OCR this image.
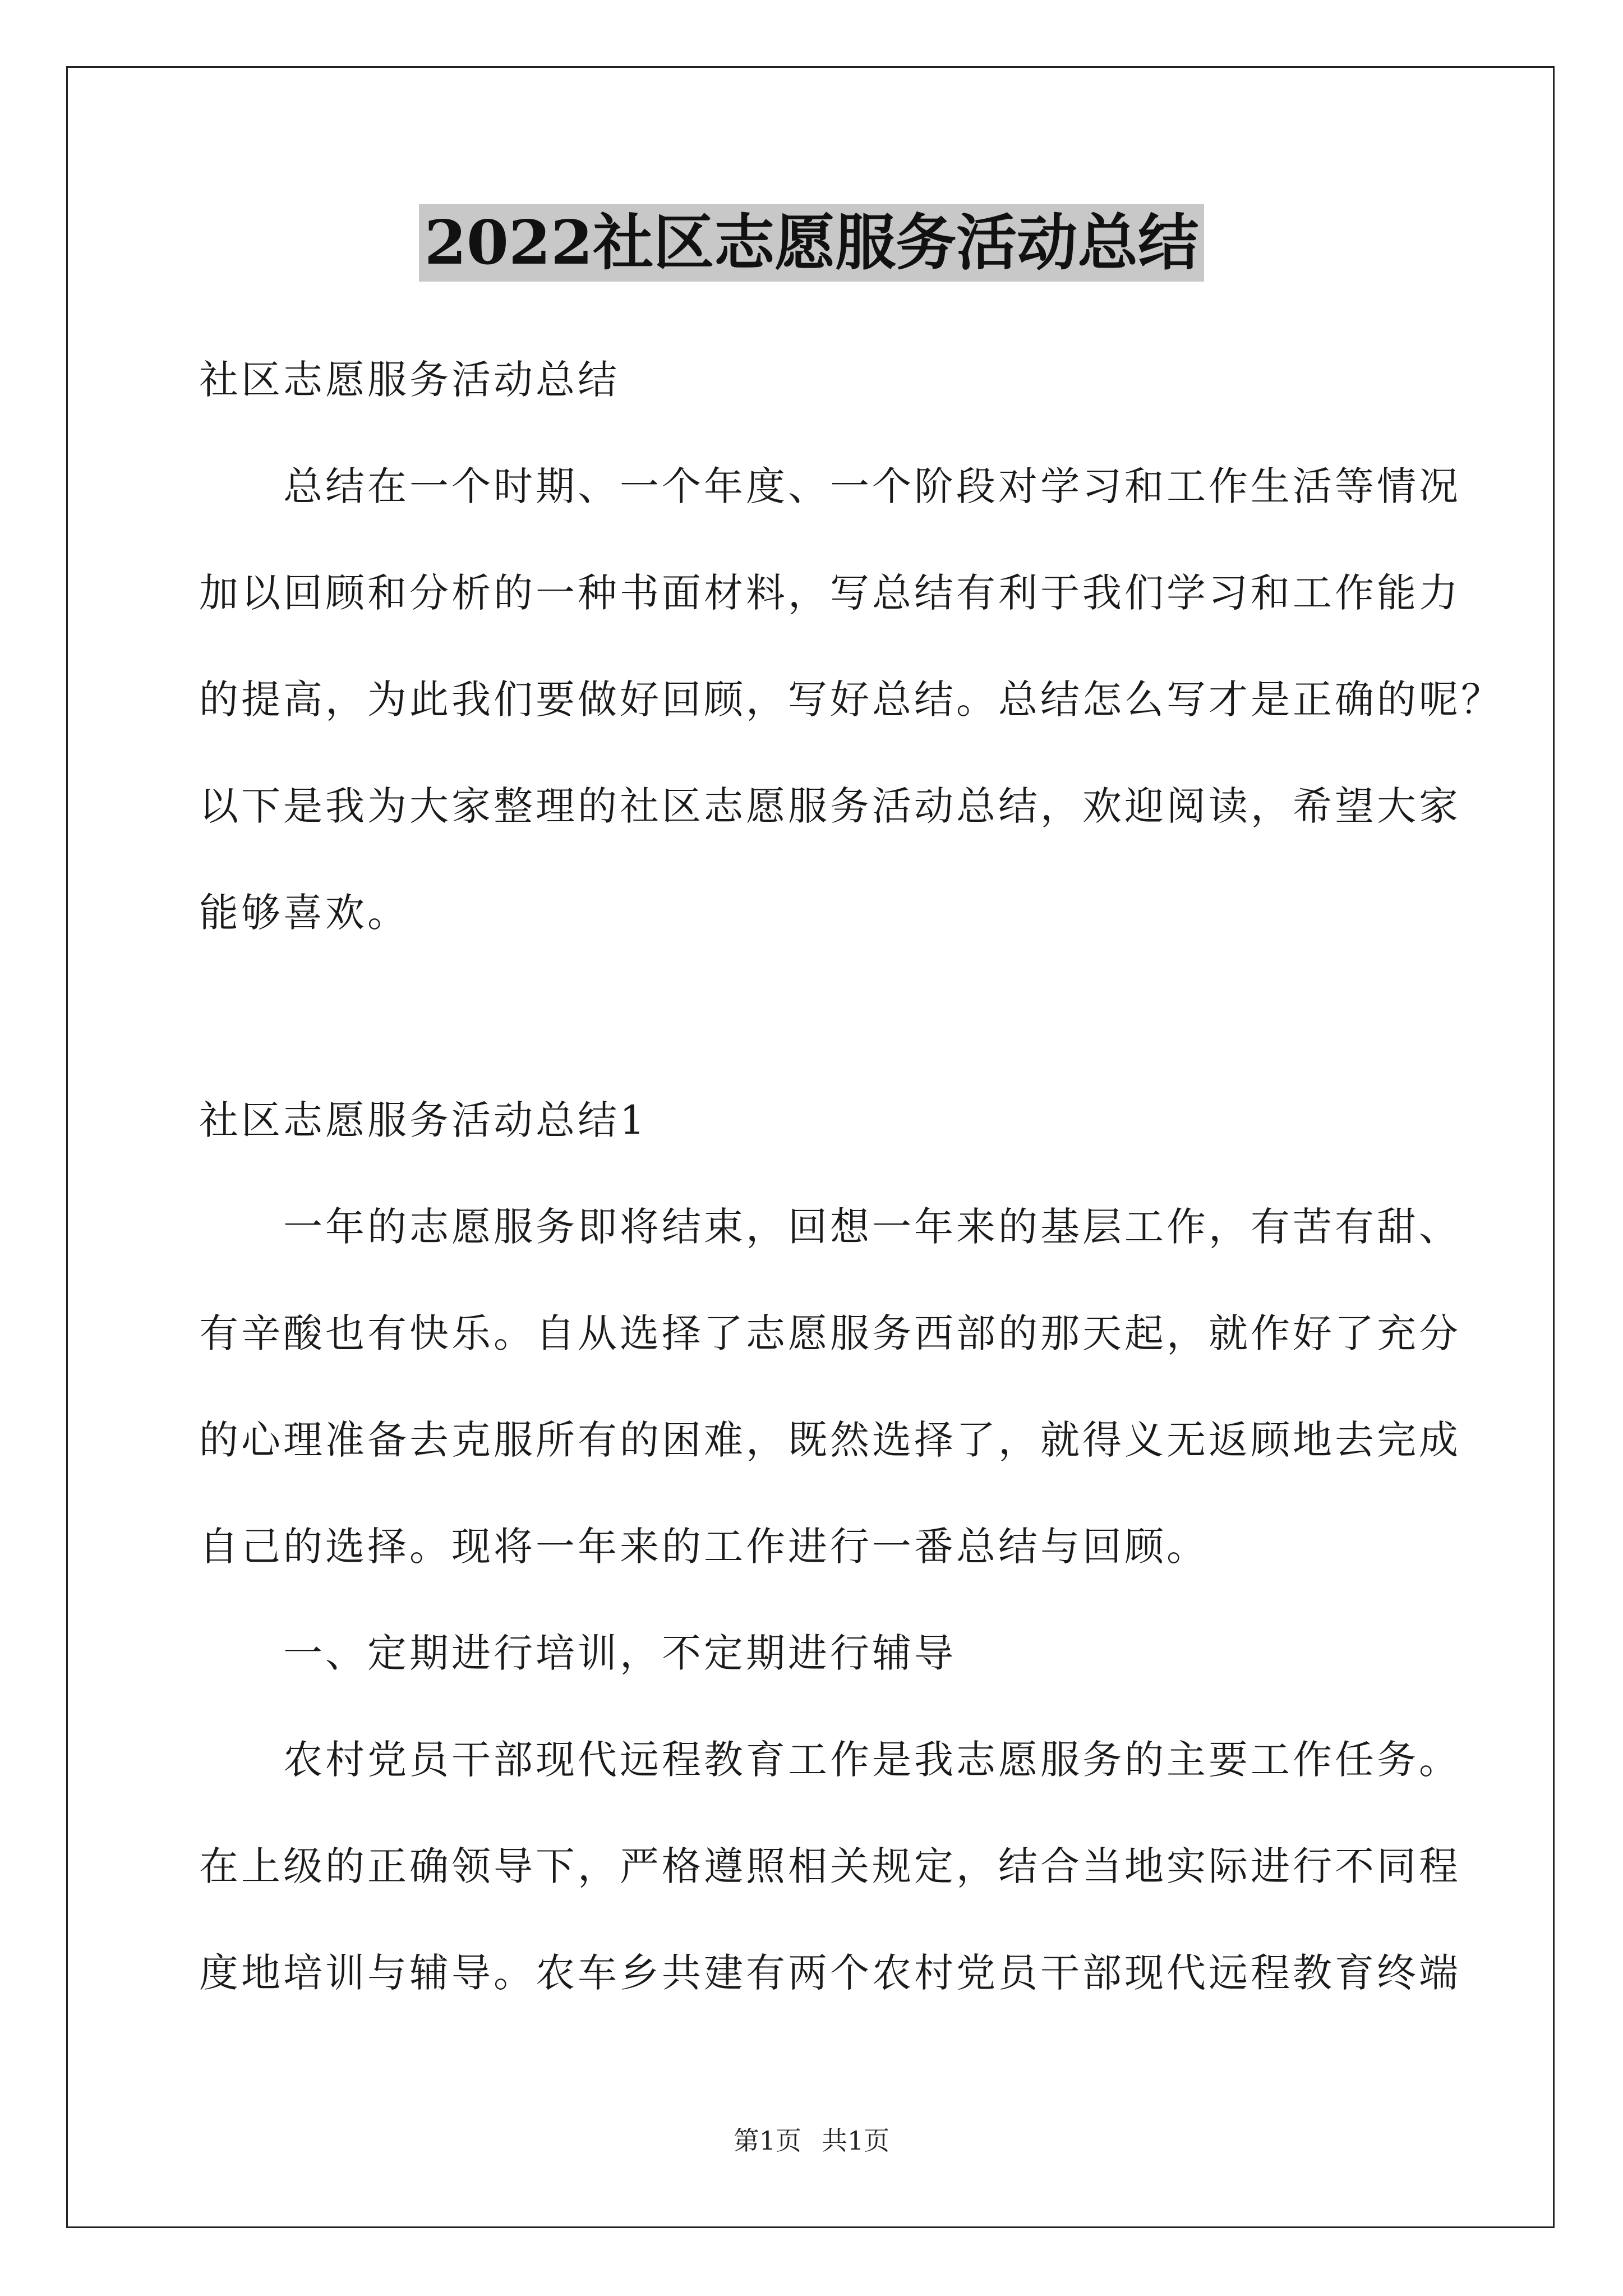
2022社区志愿服务活动总结

社区志愿服务活动总结

总结在一个时期、一个年度、一个阶段对学习和工作生活等情况

加以回顾和分析的一种书面材料，写总结有利于我们学习和工作能力

的提高，为此我们要做好回顾，写好总结。总结怎么写才是正确的呢？

以下是我为大家整理的社区志愿服务活动总结，欢迎阅读，希望大家

能够喜欢。

社区志愿服务活动总结1

一年的志愿服务即将结束，回想一年来的基层工作，有苦有甜、

有辛酸也有快乐。自从选择了志愿服务西部的那天起，就作好了充分

的心理准备去克服所有的困难，既然选择了，就得义无返顾地去完成

自己的选择。现将一年来的工作进行一番总结与回顾。

一、定期进行培训，不定期进行辅导

农村党员干部现代远程教育工作是我志愿服务的主要工作任务。

在上级的正确领导下，严格遵照相关规定，结合当地实际进行不同程

度地培训与辅导。农车乡共建有两个农村党员干部现代远程教育终端

第1页 共1页
